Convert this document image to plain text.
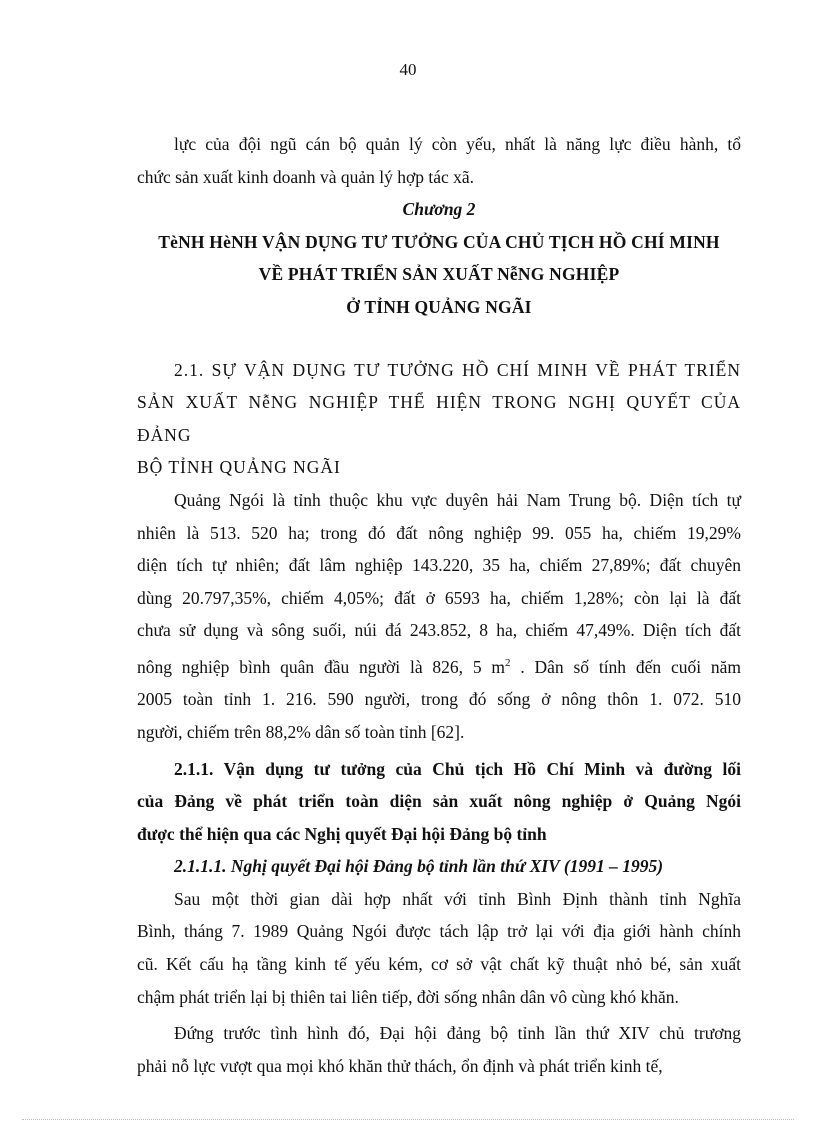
40

lực của đội ngũ cán bộ quản lý còn yếu, nhất là năng lực điều hành, tổ

chức sản xuất kinh doanh và quản lý hợp tác xã.

Chương 2

TèNH HèNH VẬN DỤNG TƯ TƯỞNG CỦA CHỦ TỊCH HỒ CHÍ MINH

VỀ PHÁT TRIỂN SẢN XUẤT NễNG NGHIỆP

Ở TỈNH QUẢNG NGÃI

2.1. SỰ VẬN DỤNG TƯ TƯỞNG HỒ CHÍ MINH VỀ PHÁT TRIỂN

SẢN XUẤT NễNG NGHIỆP THỂ HIỆN TRONG NGHỊ QUYẾT CỦA ĐẢNG

BỘ TỈNH QUẢNG NGÃI

Quảng Ngói là tỉnh thuộc khu vực duyên hải Nam Trung bộ. Diện tích tự

nhiên là 513. 520 ha; trong đó đất nông nghiệp 99. 055 ha, chiếm 19,29%

diện tích tự nhiên; đất lâm nghiệp 143.220, 35 ha, chiếm 27,89%; đất chuyên

dùng 20.797,35%, chiếm 4,05%; đất ở 6593 ha, chiếm 1,28%; còn lại là đất

chưa sử dụng và sông suối, núi đá 243.852, 8 ha, chiếm 47,49%. Diện tích đất

nông nghiệp bình quân đầu người là 826, 5 $m^2$ . Dân số tính đến cuối năm

2005 toàn tỉnh 1. 216. 590 người, trong đó sống ở nông thôn 1. 072. 510

người, chiếm trên 88,2% dân số toàn tỉnh [62].

2.1.1. Vận dụng tư tưởng của Chủ tịch Hồ Chí Minh và đường lối

của Đảng về phát triển toàn diện sản xuất nông nghiệp ở Quảng Ngói

được thể hiện qua các Nghị quyết Đại hội Đảng bộ tỉnh

2.1.1.1. Nghị quyết Đại hội Đảng bộ tỉnh lần thứ XIV (1991 – 1995)

Sau một thời gian dài hợp nhất với tỉnh Bình Định thành tỉnh Nghĩa

Bình, tháng 7. 1989 Quảng Ngói được tách lập trở lại với địa giới hành chính

cũ. Kết cấu hạ tầng kinh tế yếu kém, cơ sở vật chất kỹ thuật nhỏ bé, sản xuất

chậm phát triển lại bị thiên tai liên tiếp, đời sống nhân dân vô cùng khó khăn.

Đứng trước tình hình đó, Đại hội đảng bộ tỉnh lần thứ XIV chủ trương

phải nỗ lực vượt qua mọi khó khăn thử thách, ổn định và phát triển kinh tế,
